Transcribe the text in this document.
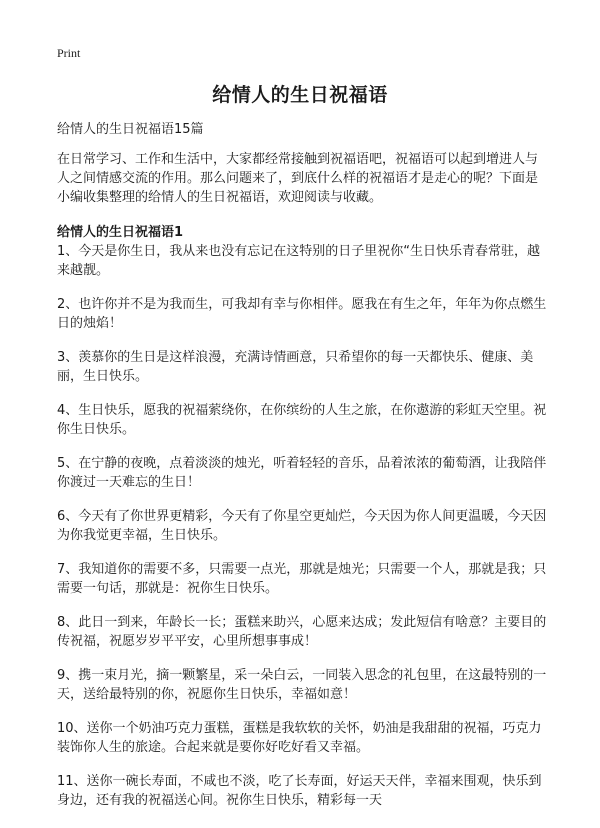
Print
给情人的生日祝福语
给情人的生日祝福语15篇

在日常学习、工作和生活中，大家都经常接触到祝福语吧，祝福语可以起到增进人与人之间情感交流的作用。那么问题来了，到底什么样的祝福语才是走心的呢？下面是小编收集整理的给情人的生日祝福语，欢迎阅读与收藏。

给情人的生日祝福语1

1、今天是你生日，我从来也没有忘记在这特别的日子里祝你“生日快乐青春常驻，越来越靓。

2、也许你并不是为我而生，可我却有幸与你相伴。愿我在有生之年，年年为你点燃生日的烛焰！

3、羡慕你的生日是这样浪漫，充满诗情画意，只希望你的每一天都快乐、健康、美丽，生日快乐。

4、生日快乐，愿我的祝福萦绕你，在你缤纷的人生之旅，在你遨游的彩虹天空里。祝你生日快乐。

5、在宁静的夜晚，点着淡淡的烛光，听着轻轻的音乐，品着浓浓的葡萄酒，让我陪伴你渡过一天难忘的生日！

6、今天有了你世界更精彩，今天有了你星空更灿烂，今天因为你人间更温暖，今天因为你我觉更幸福，生日快乐。

7、我知道你的需要不多，只需要一点光，那就是烛光；只需要一个人，那就是我；只需要一句话，那就是：祝你生日快乐。

8、此日一到来，年龄长一长；蛋糕来助兴，心愿来达成；发此短信有啥意？主要目的传祝福，祝愿岁岁平平安，心里所想事事成！

9、携一束月光，摘一颗繁星，采一朵白云，一同装入思念的礼包里，在这最特别的一天，送给最特别的你，祝愿你生日快乐，幸福如意！

10、送你一个奶油巧克力蛋糕，蛋糕是我软软的关怀，奶油是我甜甜的祝福，巧克力装饰你人生的旅途。合起来就是要你好吃好看又幸福。

11、送你一碗长寿面，不咸也不淡，吃了长寿面，好运天天伴，幸福来围观，快乐到身边，还有我的祝福送心间。祝你生日快乐，精彩每一天
